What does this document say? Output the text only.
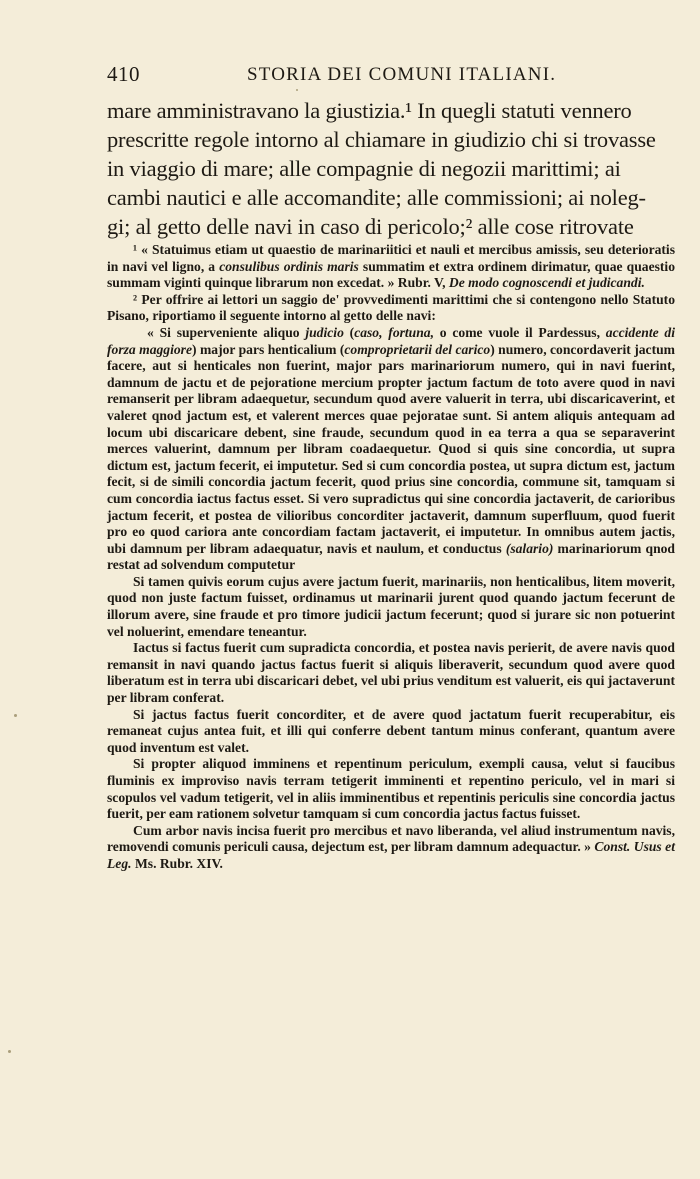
410	STORIA DEI COMUNI ITALIANI.
mare amministravano la giustizia.¹ In quegli statuti vennero
prescritte regole intorno al chiamare in giudizio chi si trovasse
in viaggio di mare; alle compagnie di negozii marittimi; ai
cambi nautici e alle accomandite; alle commissioni; ai noleg-
gi; al getto delle navi in caso di pericolo;² alle cose ritrovate

¹ « Statuimus etiam ut quaestio de marinariitici et nauli et mercibus amissis, seu deterioratis in navi vel ligno, a consulibus ordinis maris summatim et extra ordinem dirimatur, quae quaestio summam viginti quinque librarum non excedat. » Rubr. V, De modo cognoscendi et judicandi.

² Per offrire ai lettori un saggio de' provvedimenti marittimi che si contengono nello Statuto Pisano, riportiamo il seguente intorno al getto delle navi:

« Si superveniente aliquo judicio (caso, fortuna, o come vuole il Pardessus, accidente di forza maggiore) major pars henticalium (comproprietarii del carico) numero, concordaverit jactum facere, aut si henticales non fuerint, major pars marinariorum numero, qui in navi fuerint, damnum de jactu et de pejoratione mercium propter jactum factum de toto avere quod in navi remanserit per libram adaequetur, secundum quod avere valuerit in terra, ubi discaricaverint, et valeret qnod jactum est, et valerent merces quae pejoratae sunt. Si antem aliquis antequam ad locum ubi discaricare debent, sine fraude, secundum quod in ea terra a qua se separaverint merces valuerint, damnum per libram coadaequetur. Quod si quis sine concordia, ut supra dictum est, jactum fecerit, ei imputetur. Sed si cum concordia postea, ut supra dictum est, jactum fecit, si de simili concordia jactum fecerit, quod prius sine concordia, commune sit, tamquam si cum concordia iactus factus esset. Si vero supradictus qui sine concordia jactaverit, de carioribus jactum fecerit, et postea de vilioribus concorditer jactaverit, damnum superfluum, quod fuerit pro eo quod cariora ante concordiam factam jactaverit, ei imputetur. In omnibus autem jactis, ubi damnum per libram adaequatur, navis et naulum, et conductus (salario) marinariorum qnod restat ad solvendum computetur

Si tamen quivis eorum cujus avere jactum fuerit, marinariis, non henticalibus, litem moverit, quod non juste factum fuisset, ordinamus ut marinarii jurent quod quando jactum fecerunt de illorum avere, sine fraude et pro timore judicii jactum fecerunt; quod si jurare sic non potuerint vel noluerint, emendare teneantur.

Iactus si factus fuerit cum supradicta concordia, et postea navis perierit, de avere navis quod remansit in navi quando jactus factus fuerit si aliquis liberaverit, secundum quod avere quod liberatum est in terra ubi discaricari debet, vel ubi prius venditum est valuerit, eis qui jactaverunt per libram conferat.

Si jactus factus fuerit concorditer, et de avere quod jactatum fuerit recuperabitur, eis remaneat cujus antea fuit, et illi qui conferre debent tantum minus conferant, quantum avere quod inventum est valet.

Si propter aliquod imminens et repentinum periculum, exempli causa, velut si faucibus fluminis ex improviso navis terram tetigerit imminenti et repentino periculo, vel in mari si scopulos vel vadum tetigerit, vel in aliis imminentibus et repentinis periculis sine concordia jactus fuerit, per eam rationem solvetur tamquam si cum concordia jactus factus fuisset.

Cum arbor navis incisa fuerit pro mercibus et navo liberanda, vel aliud instrumentum navis, removendi comunis periculi causa, dejectum est, per libram damnum adequactur. » Const. Usus et Leg. Ms. Rubr. XIV.
